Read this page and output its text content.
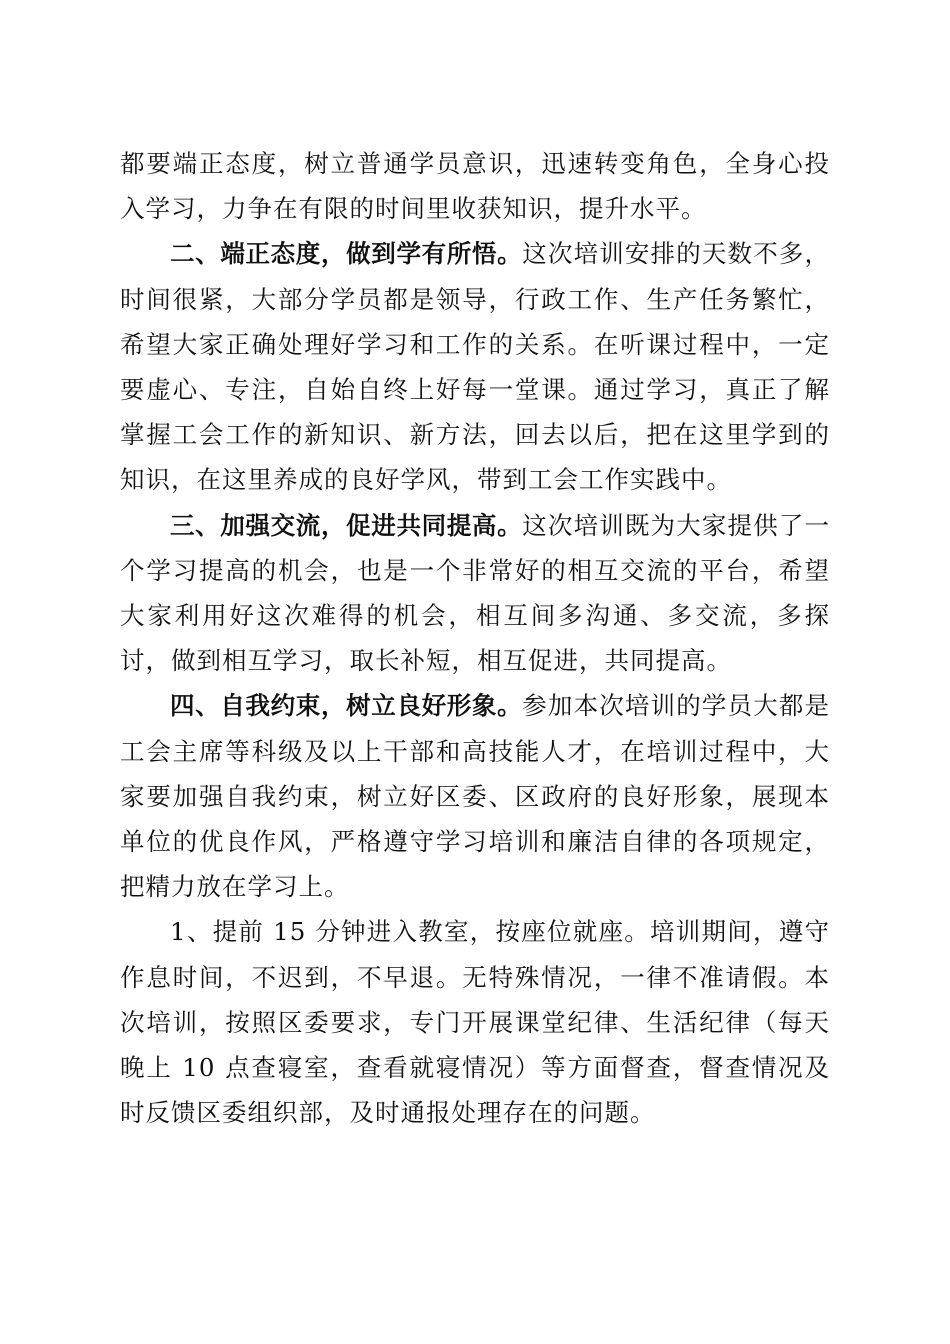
都要端正态度，树立普通学员意识，迅速转变角色，全身心投入学习，力争在有限的时间里收获知识，提升水平。

二、端正态度，做到学有所悟。这次培训安排的天数不多，时间很紧，大部分学员都是领导，行政工作、生产任务繁忙，希望大家正确处理好学习和工作的关系。在听课过程中，一定要虚心、专注，自始自终上好每一堂课。通过学习，真正了解掌握工会工作的新知识、新方法，回去以后，把在这里学到的知识，在这里养成的良好学风，带到工会工作实践中。

三、加强交流，促进共同提高。这次培训既为大家提供了一个学习提高的机会，也是一个非常好的相互交流的平台，希望大家利用好这次难得的机会，相互间多沟通、多交流，多探讨，做到相互学习，取长补短，相互促进，共同提高。

四、自我约束，树立良好形象。参加本次培训的学员大都是工会主席等科级及以上干部和高技能人才，在培训过程中，大家要加强自我约束，树立好区委、区政府的良好形象，展现本单位的优良作风，严格遵守学习培训和廉洁自律的各项规定，把精力放在学习上。

1、提前 15 分钟进入教室，按座位就座。培训期间，遵守作息时间，不迟到，不早退。无特殊情况，一律不准请假。本次培训，按照区委要求，专门开展课堂纪律、生活纪律（每天晚上 10 点查寝室，查看就寝情况）等方面督查，督查情况及时反馈区委组织部，及时通报处理存在的问题。
